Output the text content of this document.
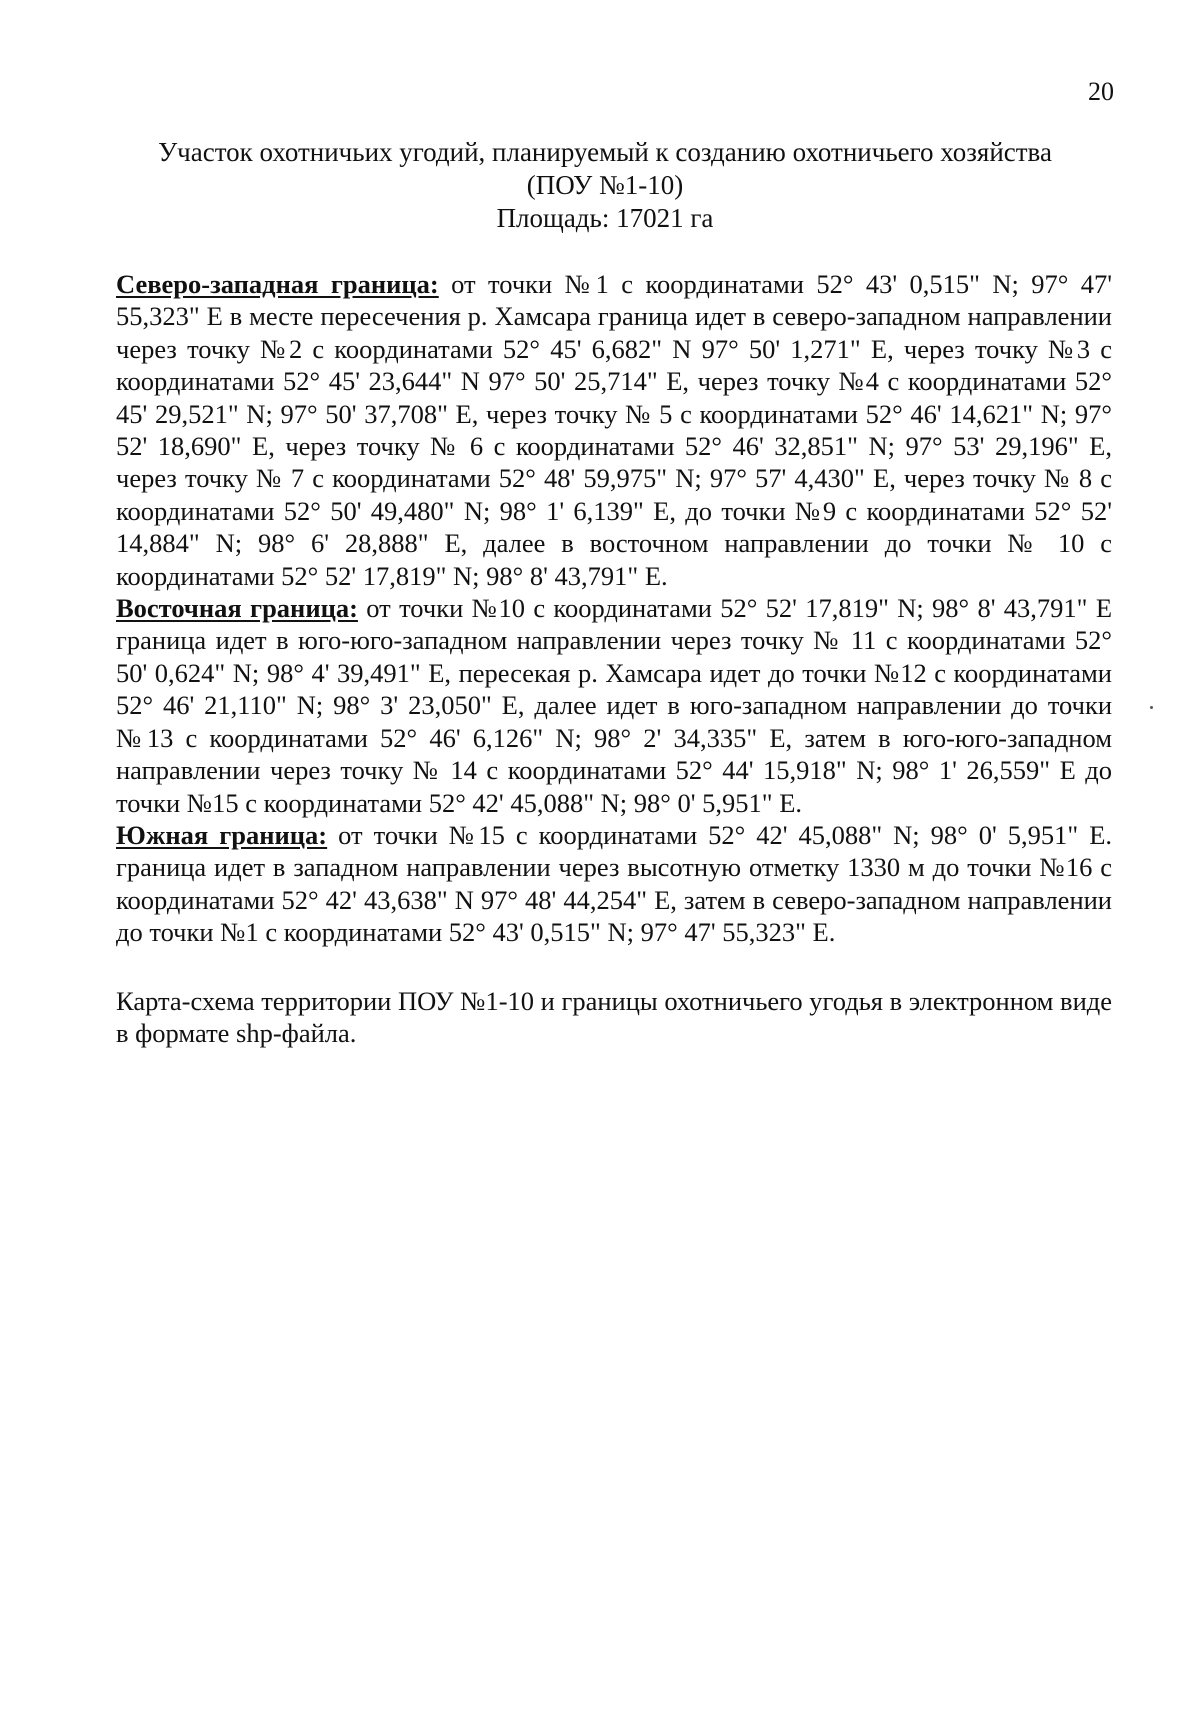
20
Участок охотничьих угодий, планируемый к созданию охотничьего хозяйства
(ПОУ №1-10)
Площадь: 17021 га

Северо-западная граница: от точки №1 с координатами 52° 43' 0,515" N; 97° 47' 55,323" E в месте пересечения р. Хамсара граница идет в северо-западном направлении через точку №2 с координатами 52° 45' 6,682" N 97° 50' 1,271" E, через точку №3 с координатами 52° 45' 23,644" N 97° 50' 25,714" E, через точку №4 с координатами 52° 45' 29,521" N; 97° 50' 37,708" E, через точку № 5 с координатами 52° 46' 14,621" N; 97° 52' 18,690" E, через точку № 6 с координатами 52° 46' 32,851" N; 97° 53' 29,196" E, через точку № 7 с координатами 52° 48' 59,975" N; 97° 57' 4,430" E, через точку № 8 с координатами 52° 50' 49,480" N; 98° 1' 6,139" E, до точки №9 с координатами 52° 52' 14,884" N; 98° 6' 28,888" E, далее в восточном направлении до точки № 10 с координатами 52° 52' 17,819" N; 98° 8' 43,791" E.

Восточная граница: от точки №10 с координатами 52° 52' 17,819" N; 98° 8' 43,791" E граница идет в юго-юго-западном направлении через точку № 11 с координатами 52° 50' 0,624" N; 98° 4' 39,491" E, пересекая р. Хамсара идет до точки №12 с координатами 52° 46' 21,110" N; 98° 3' 23,050" E, далее идет в юго-западном направлении до точки №13 с координатами 52° 46' 6,126" N; 98° 2' 34,335" E, затем в юго-юго-западном направлении через точку № 14 с координатами 52° 44' 15,918" N; 98° 1' 26,559" E до точки №15 с координатами 52° 42' 45,088" N; 98° 0' 5,951" E.

Южная граница: от точки №15 с координатами 52° 42' 45,088" N; 98° 0' 5,951" E. граница идет в западном направлении через высотную отметку 1330 м до точки №16 с координатами 52° 42' 43,638" N 97° 48' 44,254" E, затем в северо-западном направлении до точки №1 с координатами 52° 43' 0,515" N; 97° 47' 55,323" E.

Карта-схема территории ПОУ №1-10 и границы охотничьего угодья в электронном виде в формате shp-файла.
